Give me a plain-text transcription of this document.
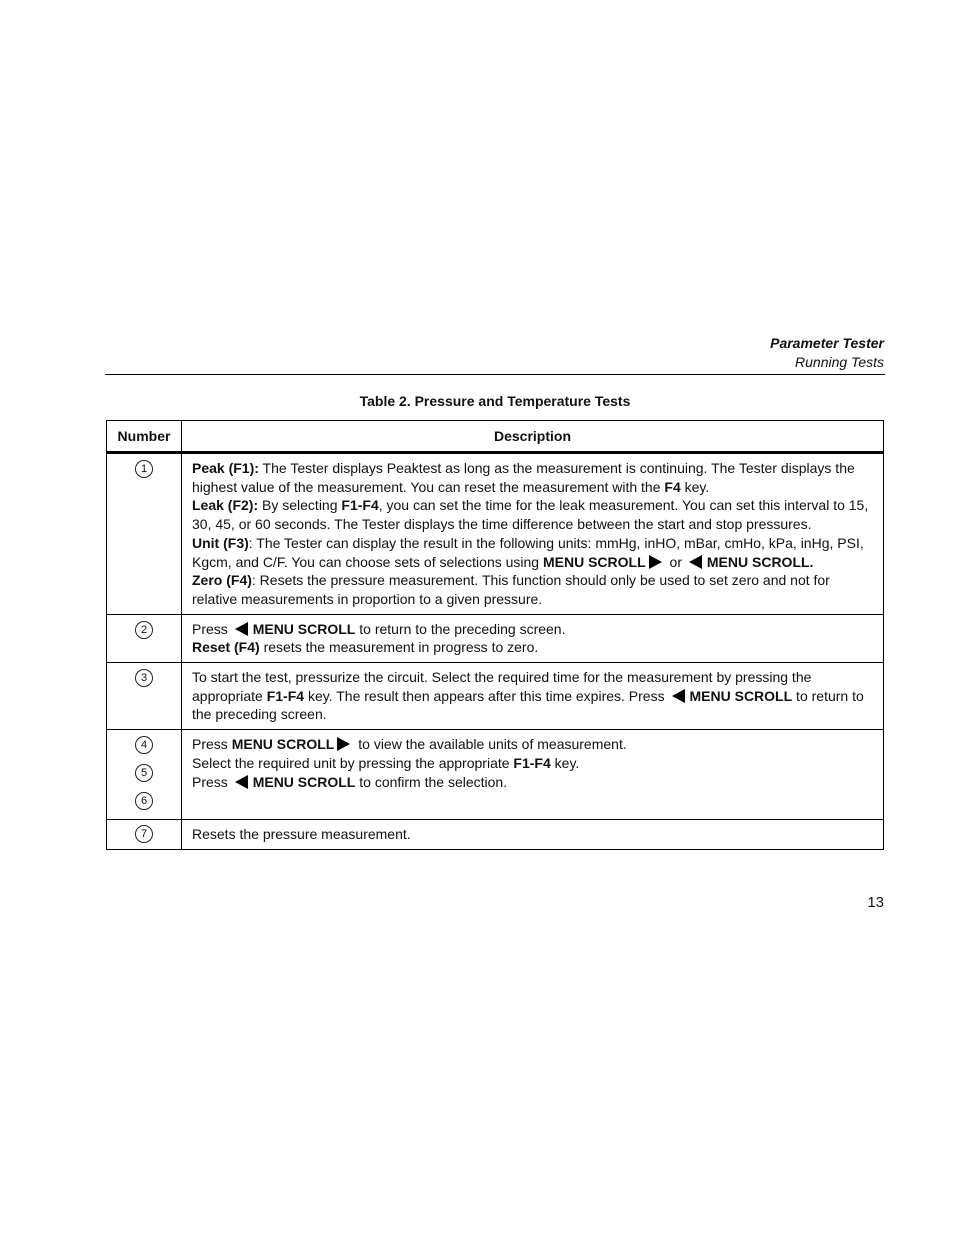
Parameter Tester
Running Tests
Table 2. Pressure and Temperature Tests
Number	Description
1	Peak (F1): The Tester displays Peaktest as long as the measurement is continuing. The Tester displays the highest value of the measurement. You can reset the measurement with the F4 key.
Leak (F2): By selecting F1-F4, you can set the time for the leak measurement. You can set this interval to 15, 30, 45, or 60 seconds. The Tester displays the time difference between the start and stop pressures.
Unit (F3): The Tester can display the result in the following units: mmHg, inHO, mBar, cmHo, kPa, inHg, PSI, Kgcm, and C/F. You can choose sets of selections using MENU SCROLL or MENU SCROLL.
Zero (F4): Resets the pressure measurement. This function should only be used to set zero and not for relative measurements in proportion to a given pressure.

2	Press MENU SCROLL to return to the preceding screen.
Reset (F4) resets the measurement in progress to zero.

3	To start the test, pressurize the circuit. Select the required time for the measurement by pressing the appropriate F1-F4 key. The result then appears after this time expires. Press MENU SCROLL to return to the preceding screen.

4
5
6	Press MENU SCROLL to view the available units of measurement.
Select the required unit by pressing the appropriate F1-F4 key.
Press MENU SCROLL to confirm the selection.

7	Resets the pressure measurement.
13
